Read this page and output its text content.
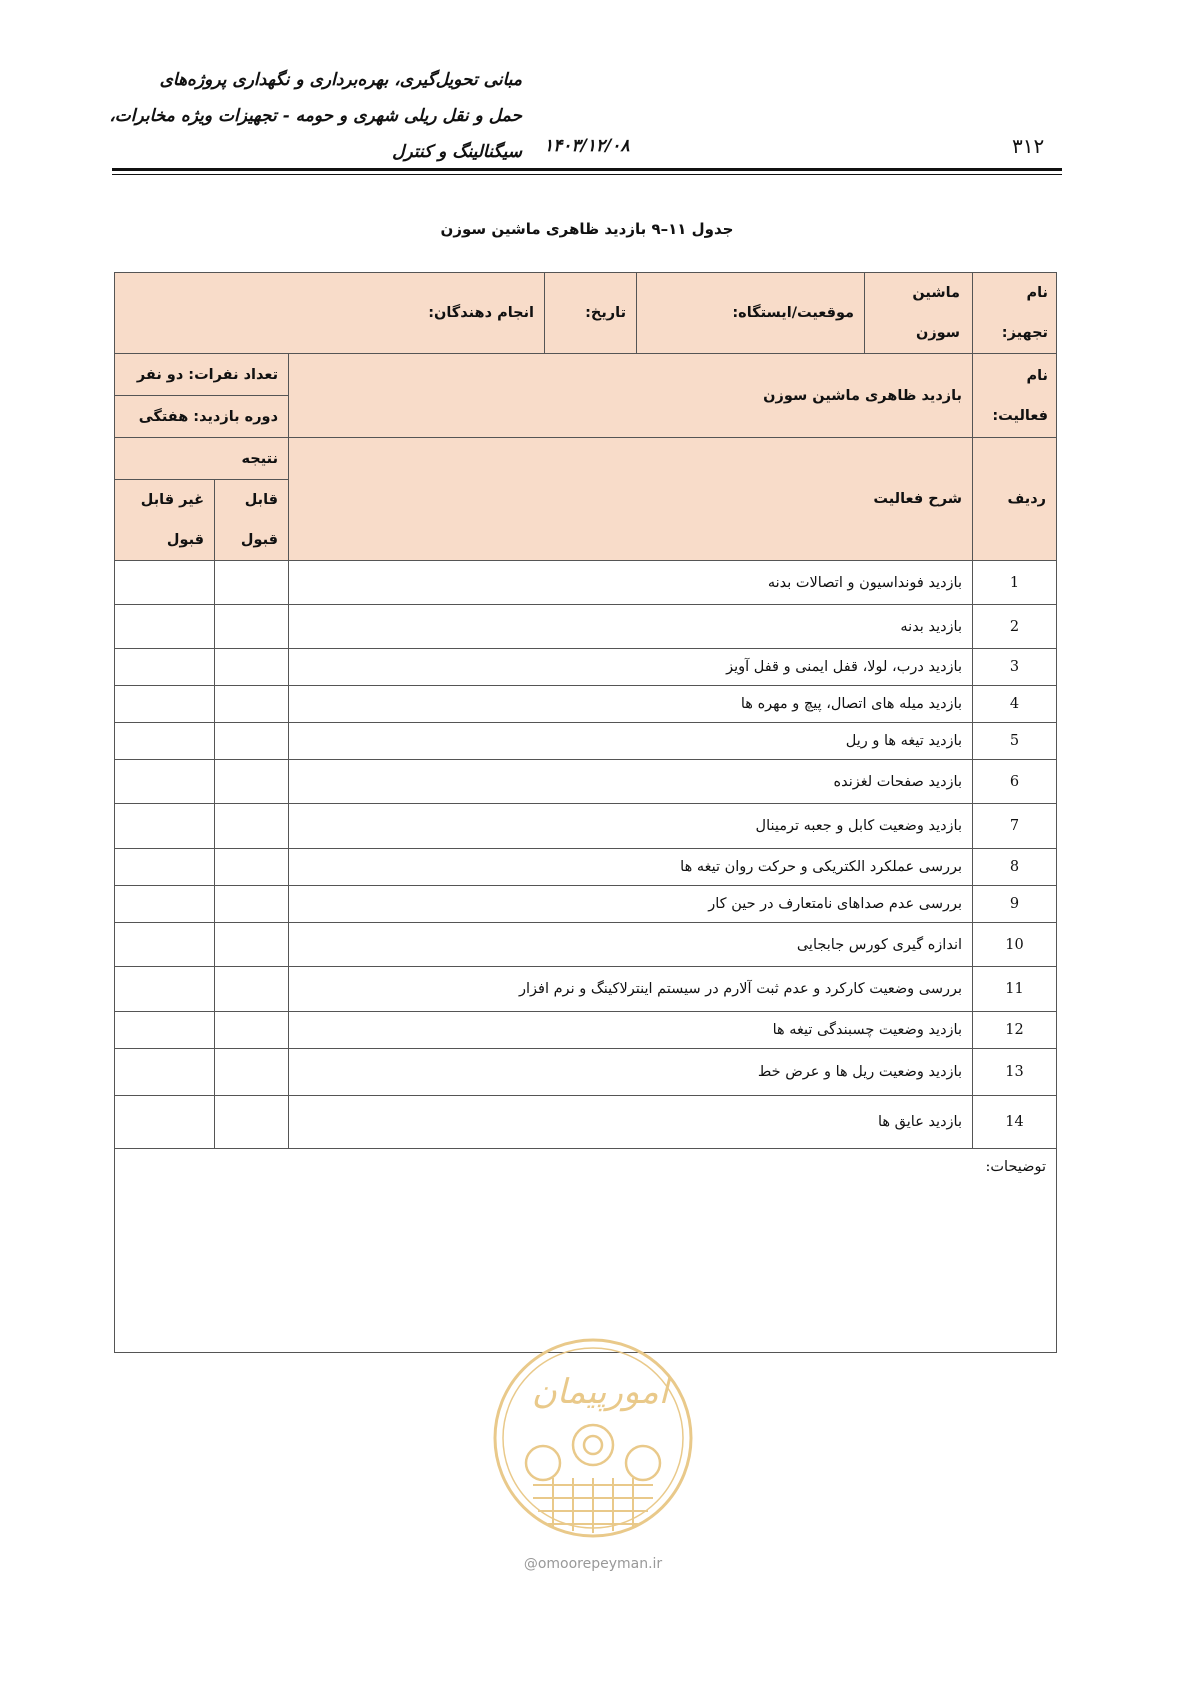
مبانی تحویل‌گیری، بهره‌برداری و نگهداری پروژه‌های
حمل و نقل ریلی شهری و حومه - تجهیزات ویژه مخابرات،
سیگنالینگ و کنترل ۱۴۰۳/۱۲/۰۸	۳۱۲
جدول ۱۱–۹ بازدید ظاهری ماشین سوزن
نام تجهیز:	ماشین سوزن	موقعیت/ایستگاه:	تاریخ:	انجام دهندگان:		
نام فعالیت:	بازدید ظاهری ماشین سوزن				تعداد نفرات: دو نفر	
					دوره بازدید: هفتگی	
ردیف	شرح فعالیت				نتیجه	
					قابل قبول	غیر قابل قبول
1	بازدید فونداسیون و اتصالات بدنه					
2	بازدید بدنه					
3	بازدید درب، لولا، قفل ایمنی و قفل آویز					
4	بازدید میله های اتصال، پیچ و مهره ها					
5	بازدید تیغه ها و ریل					
6	بازدید صفحات لغزنده					
7	بازدید وضعیت کابل و جعبه ترمینال					
8	بررسی عملکرد الکتریکی و حرکت روان تیغه ها					
9	بررسی عدم صداهای نامتعارف در حین کار					
10	اندازه گیری کورس جابجایی					
11	بررسی وضعیت کارکرد و عدم ثبت آلارم در سیستم اینترلاکینگ و نرم افزار					
12	بازدید وضعیت چسبندگی تیغه ها					
13	بازدید وضعیت ریل ها و عرض خط					
14	بازدید عایق ها					
توضیحات:						
امورپیمان
@omoorepeyman.ir
